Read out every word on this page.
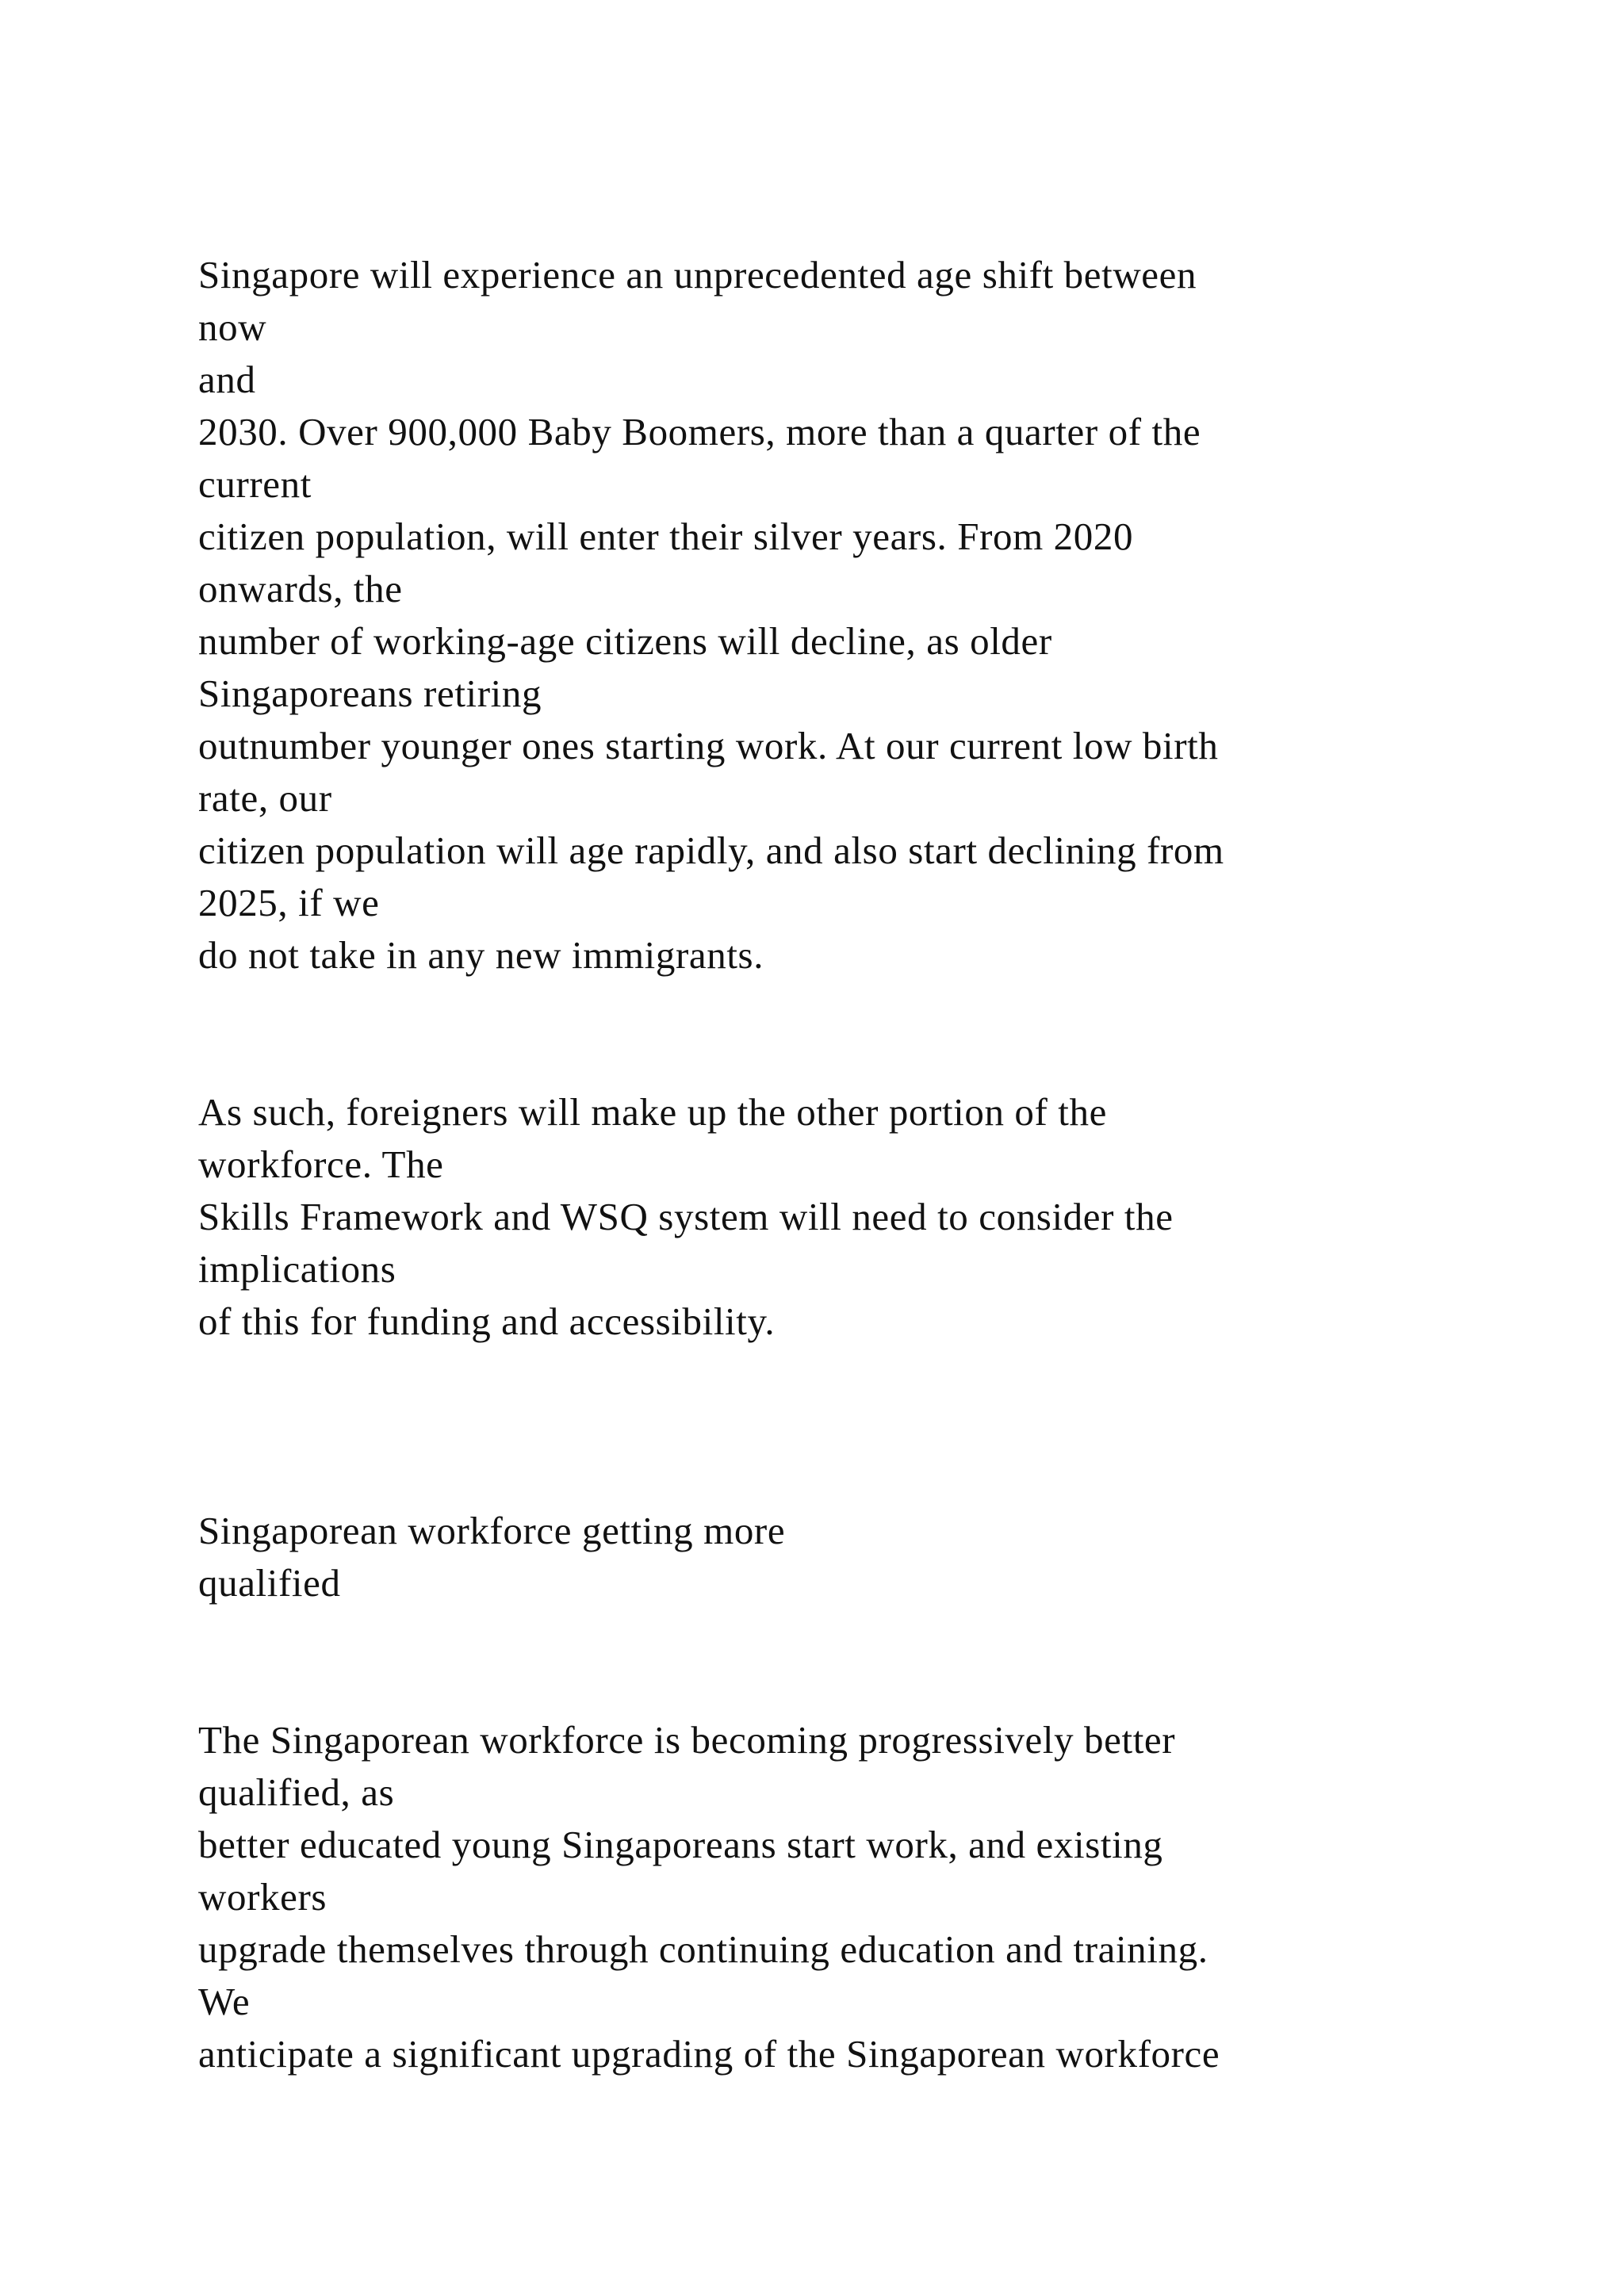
Singapore will experience an unprecedented age shift between
now
and
2030. Over 900,000 Baby Boomers, more than a quarter of the
current
citizen population, will enter their silver years. From 2020
onwards, the
number of working-age citizens will decline, as older
Singaporeans retiring
outnumber younger ones starting work. At our current low birth
rate, our
citizen population will age rapidly, and also start declining from
2025, if we
do not take in any new immigrants.
As such, foreigners will make up the other portion of the
workforce. The
Skills Framework and WSQ system will need to consider the
implications
of this for funding and accessibility.
Singaporean workforce getting more
qualified
The Singaporean workforce is becoming progressively better
qualified, as
better educated young Singaporeans start work, and existing
workers
upgrade themselves through continuing education and training.
We
anticipate a significant upgrading of the Singaporean workforce
